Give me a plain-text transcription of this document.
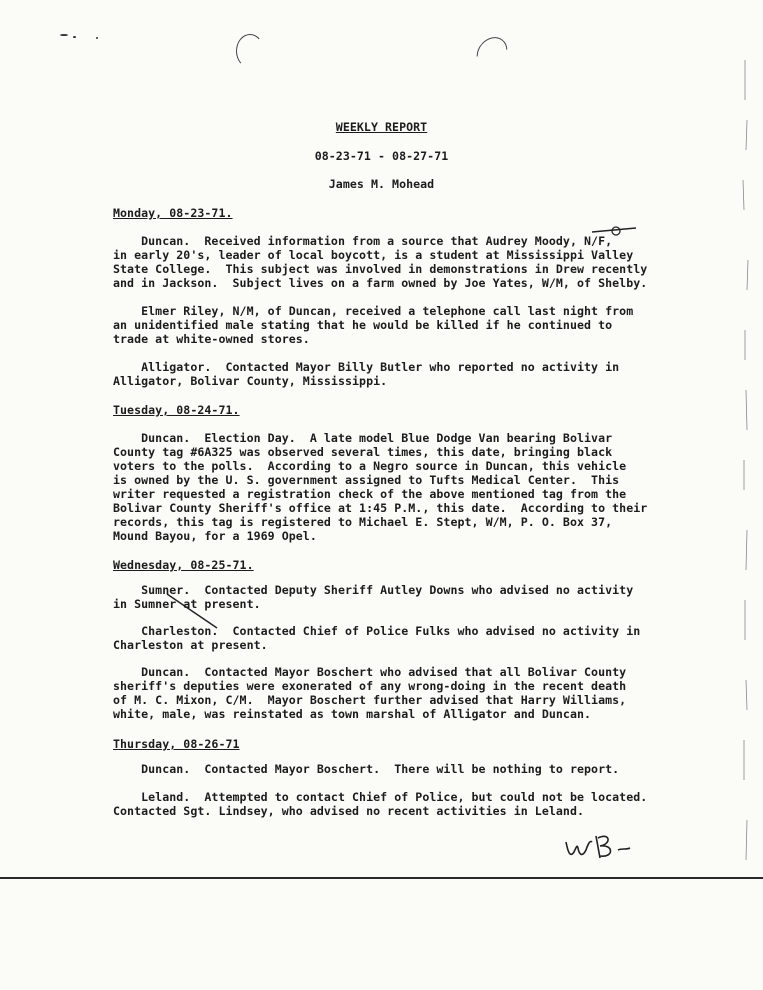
WEEKLY REPORT
08-23-71 - 08-27-71
James M. Mohead
Monday, 08-23-71.
Duncan.  Received information from a source that Audrey Moody, N/F,
in early 20's, leader of local boycott, is a student at Mississippi Valley
State College.  This subject was involved in demonstrations in Drew recently
and in Jackson.  Subject lives on a farm owned by Joe Yates, W/M, of Shelby.
Elmer Riley, N/M, of Duncan, received a telephone call last night from
an unidentified male stating that he would be killed if he continued to
trade at white-owned stores.
Alligator.  Contacted Mayor Billy Butler who reported no activity in
Alligator, Bolivar County, Mississippi.
Tuesday, 08-24-71.
Duncan.  Election Day.  A late model Blue Dodge Van bearing Bolivar
County tag #6A325 was observed several times, this date, bringing black
voters to the polls.  According to a Negro source in Duncan, this vehicle
is owned by the U. S. government assigned to Tufts Medical Center.  This
writer requested a registration check of the above mentioned tag from the
Bolivar County Sheriff's office at 1:45 P.M., this date.  According to their
records, this tag is registered to Michael E. Stept, W/M, P. O. Box 37,
Mound Bayou, for a 1969 Opel.
Wednesday, 08-25-71.
Sumner.  Contacted Deputy Sheriff Autley Downs who advised no activity
in Sumner at present.
Charleston.  Contacted Chief of Police Fulks who advised no activity in
Charleston at present.
Duncan.  Contacted Mayor Boschert who advised that all Bolivar County
sheriff's deputies were exonerated of any wrong-doing in the recent death
of M. C. Mixon, C/M.  Mayor Boschert further advised that Harry Williams,
white, male, was reinstated as town marshal of Alligator and Duncan.
Thursday, 08-26-71
Duncan.  Contacted Mayor Boschert.  There will be nothing to report.
Leland.  Attempted to contact Chief of Police, but could not be located.
Contacted Sgt. Lindsey, who advised no recent activities in Leland.
